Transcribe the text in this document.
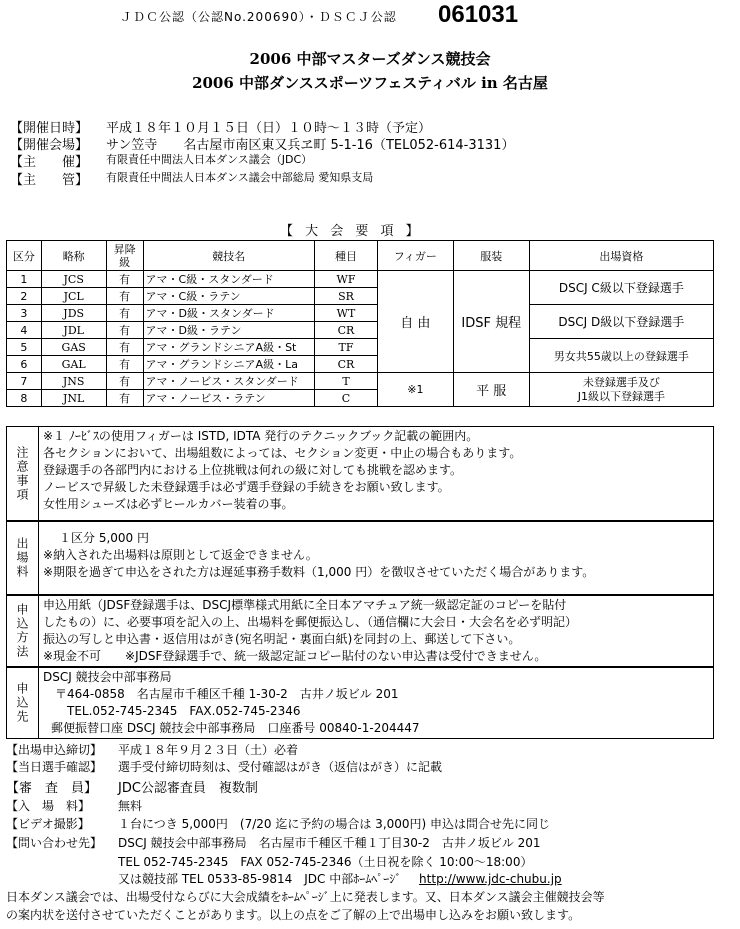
ＪＤＣ公認（公認No.200690）・ＤＳＣＪ公認 061031
2006 中部マスターズダンス競技会
2006 中部ダンススポーツフェスティバル in 名古屋
【開催日時】	平成１８年１０月１５日（日）１０時～１３時（予定）
【開催会場】	サン笠寺　　名古屋市南区東又兵ヱ町 5-1-16（TEL052-614-3131）
【主　　催】	有限責任中間法人日本ダンス議会（JDC）
【主　　管】	有限責任中間法人日本ダンス議会中部総局 愛知県支局
【 大 会 要 項 】
区分	略称	昇降級	競技名	種目	フィガー	服装	出場資格
1	JCS	有	アマ・C級・スタンダード	WF	自 由	IDSF 規程	DSCJ C級以下登録選手
2	JCL	有	アマ・C級・ラテン	SR			
3	JDS	有	アマ・D級・スタンダード	WT			DSCJ D級以下登録選手
4	JDL	有	アマ・D級・ラテン	CR			
5	GAS	有	アマ・グランドシニアA級・St	TF			男女共55歳以上の登録選手
6	GAL	有	アマ・グランドシニアA級・La	CR			
7	JNS	有	アマ・ノービス・スタンダード	T	※1	平 服	未登録選手及び
J1級以下登録選手

8	JNL	有	アマ・ノービス・ラテン	C			
注意事項
※１ ﾉｰﾋﾞｽの使用フィガーは ISTD, IDTA 発行のテクニックブック記載の範囲内。
各セクションにおいて、出場組数によっては、セクション変更・中止の場合もあります。
登録選手の各部門内における上位挑戦は何れの級に対しても挑戦を認めます。
ノービスで昇級した未登録選手は必ず選手登録の手続きをお願い致します。
女性用シューズは必ずヒールカバー装着の事。
出場料	１区分 5,000 円
※納入された出場料は原則として返金できません。
※期限を過ぎて申込をされた方は遅延事務手数料（1,000 円）を徴収させていただく場合があります。
申込方法	申込用紙（JDSF登録選手は、DSCJ標準様式用紙に全日本アマチュア統一級認定証のコピーを貼付
したもの）に、必要事項を記入の上、出場料を郵便振込し、（通信欄に大会日・大会名を必ず明記）
振込の写しと申込書・返信用はがき(宛名明記・裏面白紙)を同封の上、郵送して下さい。
※現金不可　　※JDSF登録選手で、統一級認定証コピー貼付のない申込書は受付できません。
申込先
DSCJ 競技会中部事務局
〒464-0858　名古屋市千種区千種 1-30-2　古井ノ坂ビル 201
　TEL.052-745-2345　FAX.052-745-2346
郵便振替口座 DSCJ 競技会中部事務局　口座番号 00840-1-204447
【出場申込締切】	平成１８年９月２３日（土）必着
【当日選手確認】	選手受付締切時刻は、受付確認はがき（返信はがき）に記載
【審　査　員】	JDC公認審査員　複数制
【入　場　料】	無料
【ビデオ撮影】	１台につき 5,000円　(7/20 迄に予約の場合は 3,000円) 申込は問合せ先に同じ
【問い合わせ先】	DSCJ 競技会中部事務局　名古屋市千種区千種１丁目30-2　古井ノ坂ビル 201
TEL 052-745-2345　FAX 052-745-2346（土日祝を除く 10:00～18:00）
又は競技部 TEL 0533-85-9814　JDC 中部ﾎｰﾑﾍﾟｰｼﾞ http://www.jdc-chubu.jp
日本ダンス議会では、出場受付ならびに大会成績をﾎｰﾑﾍﾟｰｼﾞ上に発表します。又、日本ダンス議会主催競技会等
の案内状を送付させていただくことがあります。以上の点をご了解の上で出場申し込みをお願い致します。
